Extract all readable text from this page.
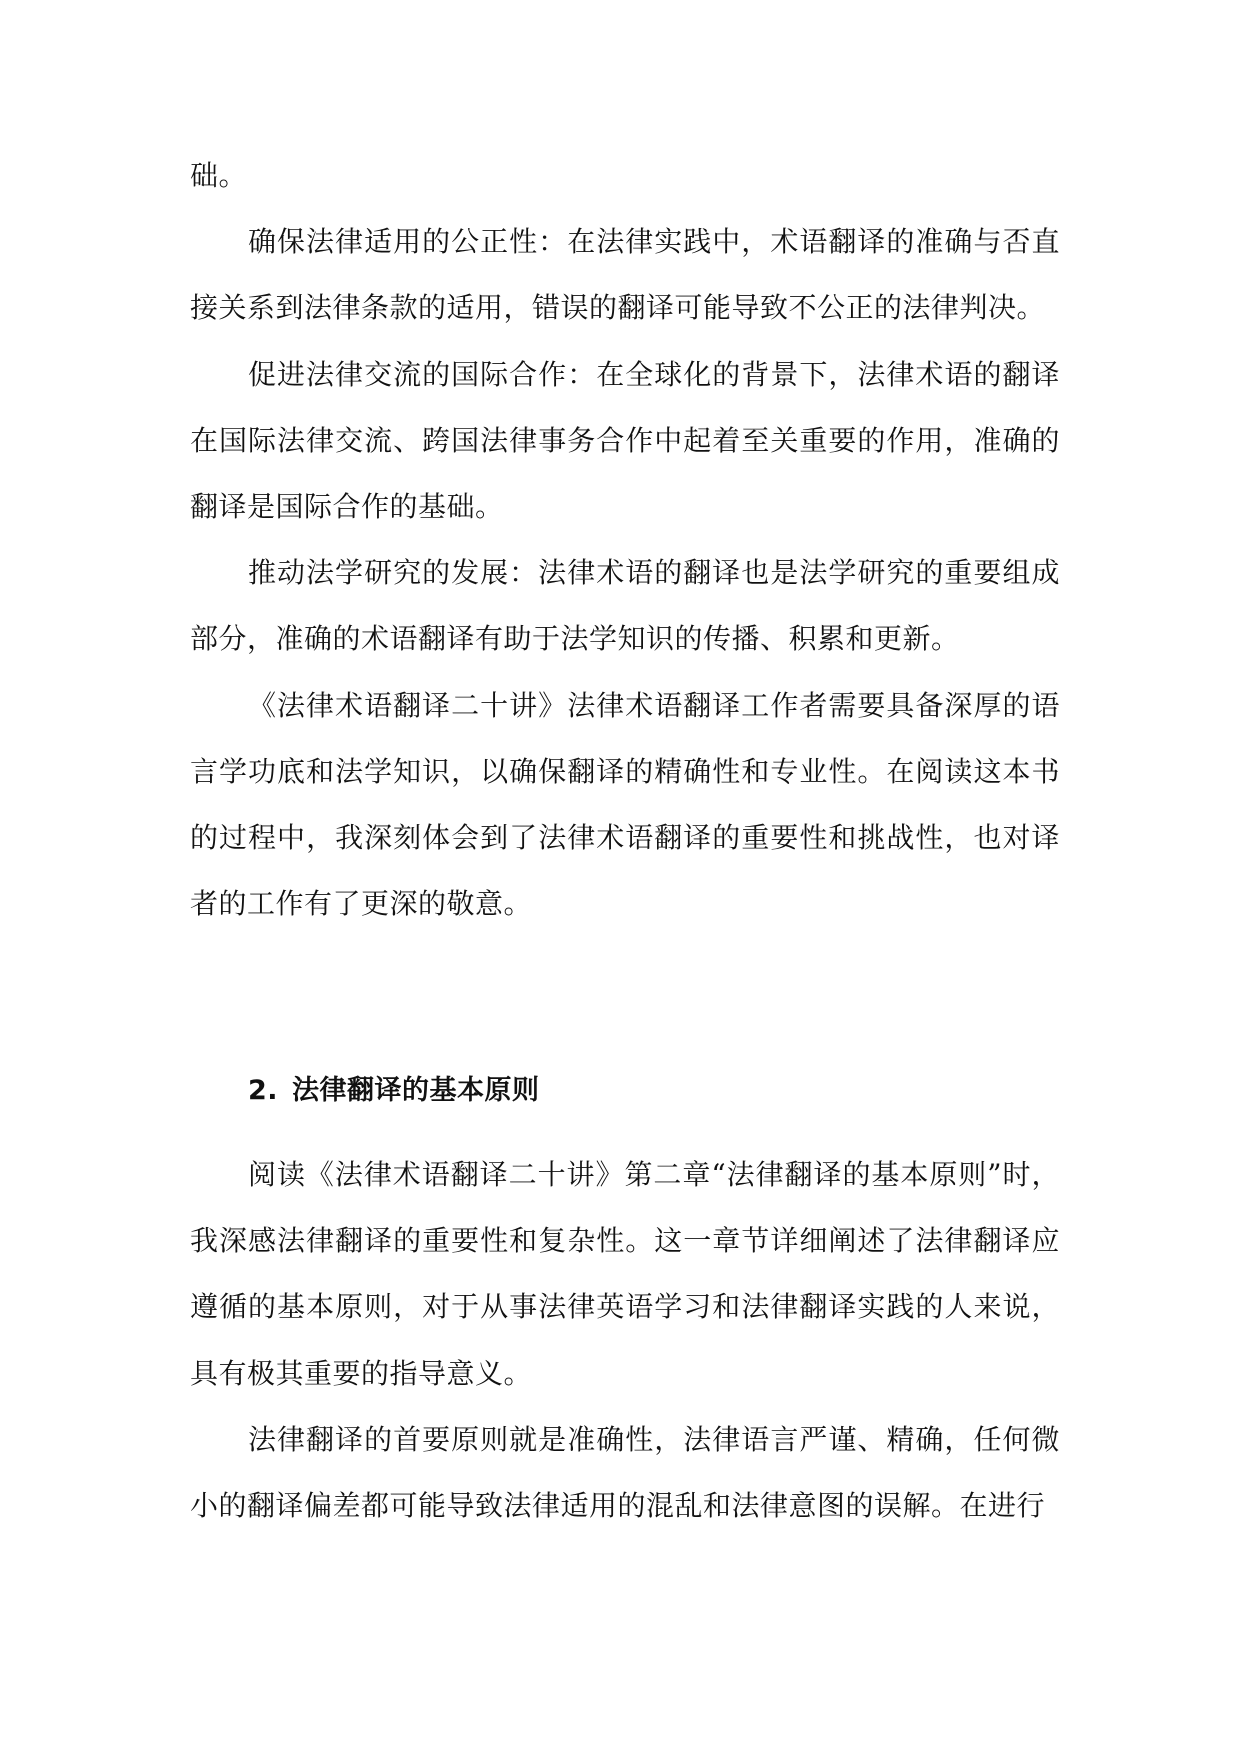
础。

确保法律适用的公正性：在法律实践中，术语翻译的准确与否直接关系到法律条款的适用，错误的翻译可能导致不公正的法律判决。

促进法律交流的国际合作：在全球化的背景下，法律术语的翻译在国际法律交流、跨国法律事务合作中起着至关重要的作用，准确的翻译是国际合作的基础。

推动法学研究的发展：法律术语的翻译也是法学研究的重要组成部分，准确的术语翻译有助于法学知识的传播、积累和更新。

《法律术语翻译二十讲》法律术语翻译工作者需要具备深厚的语言学功底和法学知识，以确保翻译的精确性和专业性。在阅读这本书的过程中，我深刻体会到了法律术语翻译的重要性和挑战性，也对译者的工作有了更深的敬意。

2. 法律翻译的基本原则

阅读《法律术语翻译二十讲》第二章“法律翻译的基本原则”时，我深感法律翻译的重要性和复杂性。这一章节详细阐述了法律翻译应遵循的基本原则，对于从事法律英语学习和法律翻译实践的人来说，具有极其重要的指导意义。

法律翻译的首要原则就是准确性，法律语言严谨、精确，任何微小的翻译偏差都可能导致法律适用的混乱和法律意图的误解。在进行
